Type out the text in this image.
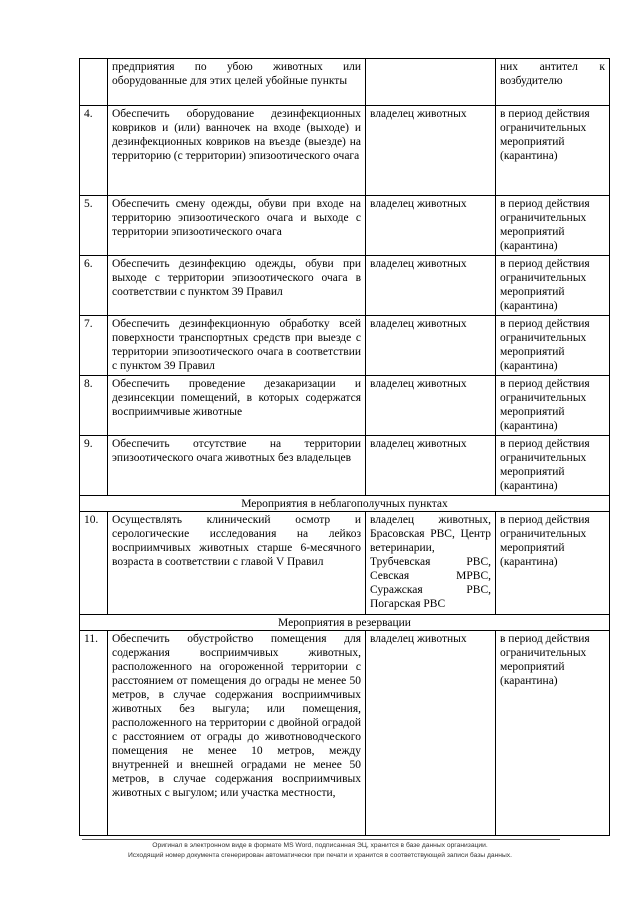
	предприятия по убою животных или оборудованные для этих целей убойные пункты		них антител к возбудителю
4.	Обеспечить оборудование дезинфекционных ковриков и (или) ванночек на входе (выходе) и дезинфекционных ковриков на въезде (выезде) на территорию (с территории) эпизоотического очага	владелец животных	в период действия ограничительных мероприятий (карантина)
5.	Обеспечить смену одежды, обуви при входе на территорию эпизоотического очага и выходе с территории эпизоотического очага	владелец животных	в период действия ограничительных мероприятий (карантина)
6.	Обеспечить дезинфекцию одежды, обуви при выходе с территории эпизоотического очага в соответствии с пунктом 39 Правил	владелец животных	в период действия ограничительных мероприятий (карантина)
7.	Обеспечить дезинфекционную обработку всей поверхности транспортных средств при выезде с территории эпизоотического очага в соответствии с пунктом 39 Правил	владелец животных	в период действия ограничительных мероприятий (карантина)
8.	Обеспечить проведение дезакаризации и дезинсекции помещений, в которых содержатся восприимчивые животные	владелец животных	в период действия ограничительных мероприятий (карантина)
9.	Обеспечить отсутствие на территории эпизоотического очага животных без владельцев	владелец животных	в период действия ограничительных мероприятий (карантина)
Мероприятия в неблагополучных пунктах			
10.	Осуществлять клинический осмотр и серологические исследования на лейкоз восприимчивых животных старше 6-месячного возраста в соответствии с главой V Правил	владелец животных, Брасовская РВС, Центр ветеринарии, Трубчевская РВС, Севская МРВС, Суражская РВС, Погарская РВС	в период действия ограничительных мероприятий (карантина)
Мероприятия в резервации			
11.	Обеспечить обустройство помещения для содержания восприимчивых животных, расположенного на огороженной территории с расстоянием от помещения до ограды не менее 50 метров, в случае содержания восприимчивых животных без выгула; или помещения, расположенного на территории с двойной оградой с расстоянием от ограды до животноводческого помещения не менее 10 метров, между внутренней и внешней оградами не менее 50 метров, в случае содержания восприимчивых животных с выгулом; или участка местности,	владелец животных	в период действия ограничительных мероприятий (карантина)
Оригинал в электронном виде в формате MS Word, подписанная ЭЦ, хранится в базе данных организации.
Исходящий номер документа сгенерирован автоматически при печати и хранится в соответствующей записи базы данных.
